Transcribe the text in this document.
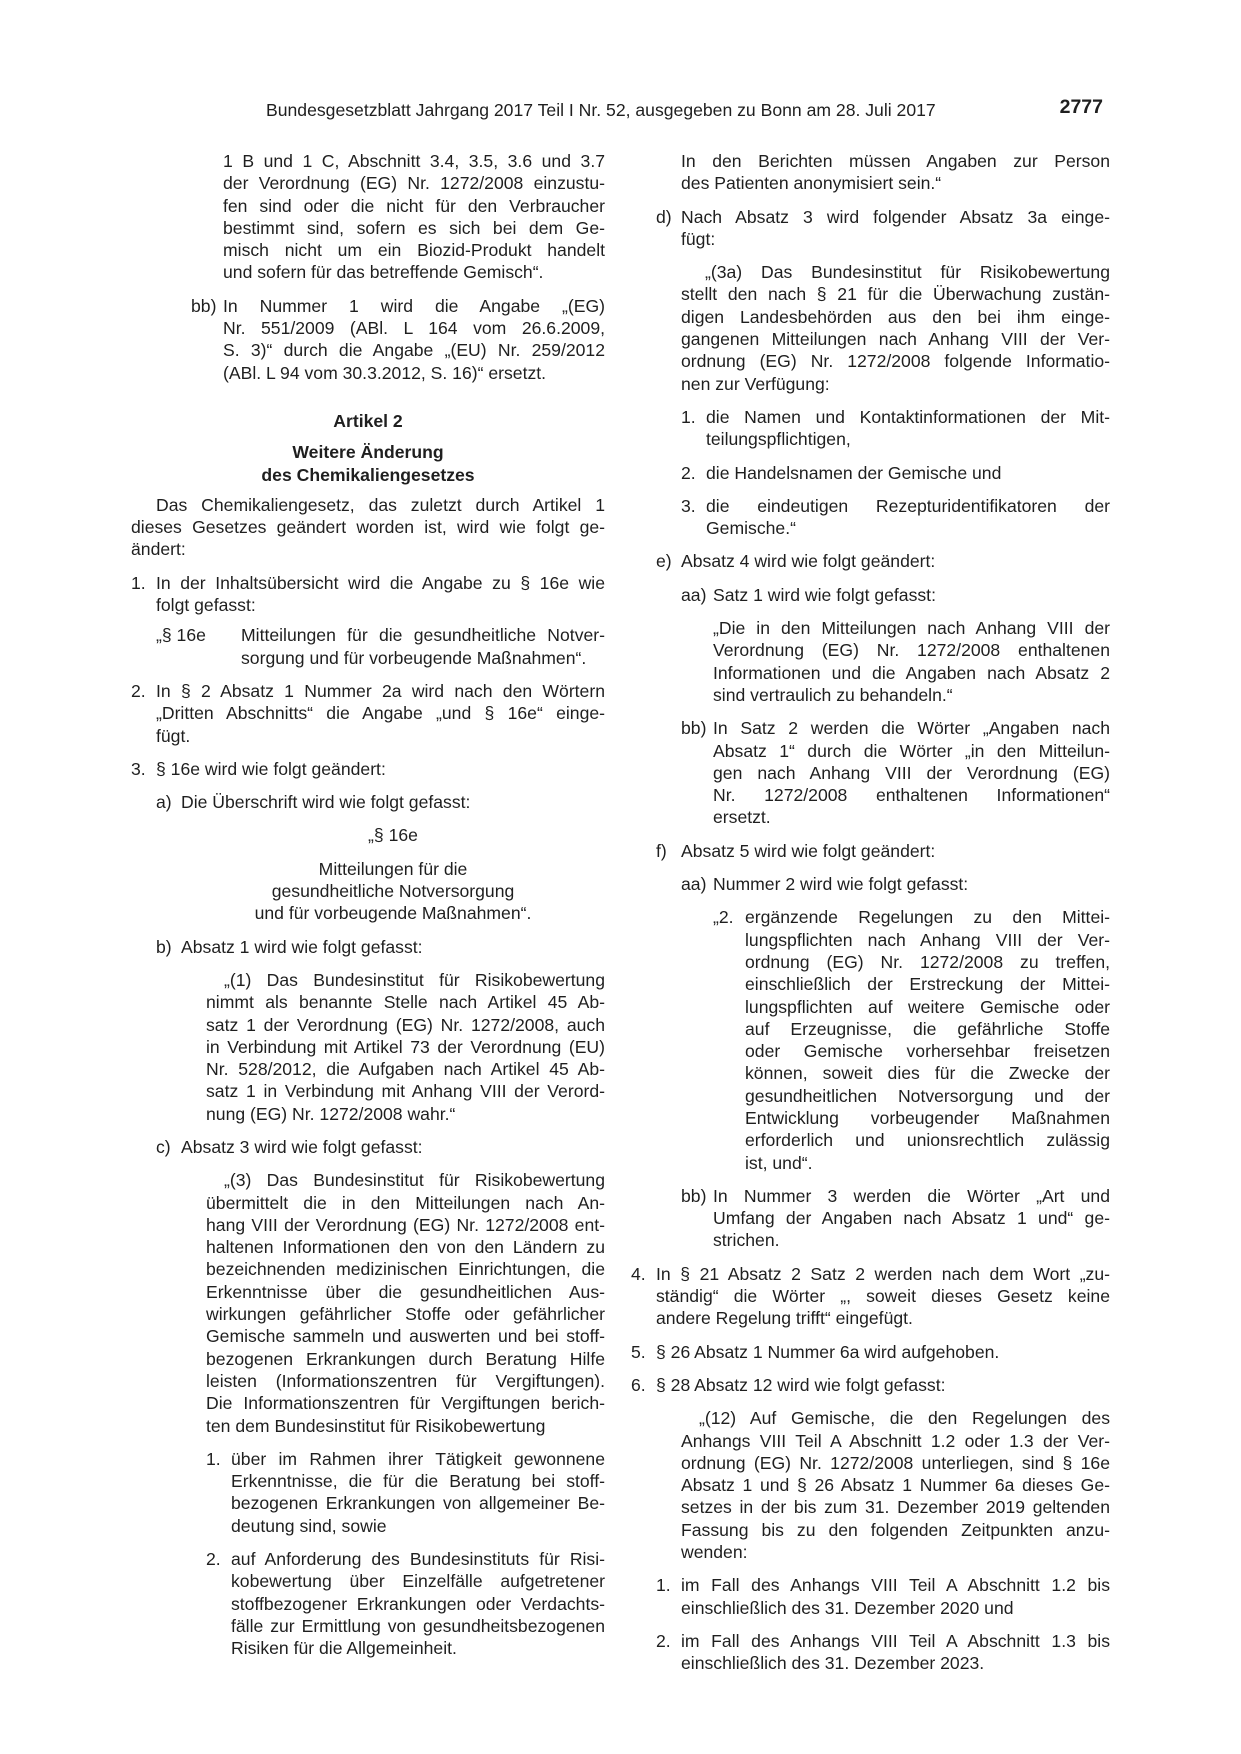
Bundesgesetzblatt Jahrgang 2017 Teil I Nr. 52, ausgegeben zu Bonn am 28. Juli 2017	2777

1 B und 1 C, Abschnitt 3.4, 3.5, 3.6 und 3.7

der Verordnung (EG) Nr. 1272/2008 einzustu-

fen sind oder die nicht für den Verbraucher

bestimmt sind, sofern es sich bei dem Ge-

misch nicht um ein Biozid-Produkt handelt

und sofern für das betreffende Gemisch“.

bb) In Nummer 1 wird die Angabe „(EG)

Nr. 551/2009 (ABl. L 164 vom 26.6.2009,

S. 3)“ durch die Angabe „(EU) Nr. 259/2012

(ABl. L 94 vom 30.3.2012, S. 16)“ ersetzt.

Artikel 2

Weitere Änderung

des Chemikaliengesetzes

Das Chemikaliengesetz, das zuletzt durch Artikel 1

dieses Gesetzes geändert worden ist, wird wie folgt ge-

ändert:

1. In der Inhaltsübersicht wird die Angabe zu § 16e wie

folgt gefasst:

„§ 16e Mitteilungen für die gesundheitliche Notver-

sorgung und für vorbeugende Maßnahmen“.

2. In § 2 Absatz 1 Nummer 2a wird nach den Wörtern

„Dritten Abschnitts“ die Angabe „und § 16e“ einge-

fügt.

3. § 16e wird wie folgt geändert:

a) Die Überschrift wird wie folgt gefasst:

„§ 16e

Mitteilungen für die

gesundheitliche Notversorgung

und für vorbeugende Maßnahmen“.

b) Absatz 1 wird wie folgt gefasst:

„(1) Das Bundesinstitut für Risikobewertung

nimmt als benannte Stelle nach Artikel 45 Ab-

satz 1 der Verordnung (EG) Nr. 1272/2008, auch

in Verbindung mit Artikel 73 der Verordnung (EU)

Nr. 528/2012, die Aufgaben nach Artikel 45 Ab-

satz 1 in Verbindung mit Anhang VIII der Verord-

nung (EG) Nr. 1272/2008 wahr.“

c) Absatz 3 wird wie folgt gefasst:

„(3) Das Bundesinstitut für Risikobewertung

übermittelt die in den Mitteilungen nach An-

hang VIII der Verordnung (EG) Nr. 1272/2008 ent-

haltenen Informationen den von den Ländern zu

bezeichnenden medizinischen Einrichtungen, die

Erkenntnisse über die gesundheitlichen Aus-

wirkungen gefährlicher Stoffe oder gefährlicher

Gemische sammeln und auswerten und bei stoff-

bezogenen Erkrankungen durch Beratung Hilfe

leisten (Informationszentren für Vergiftungen).

Die Informationszentren für Vergiftungen berich-

ten dem Bundesinstitut für Risikobewertung

1. über im Rahmen ihrer Tätigkeit gewonnene

Erkenntnisse, die für die Beratung bei stoff-

bezogenen Erkrankungen von allgemeiner Be-

deutung sind, sowie

2. auf Anforderung des Bundesinstituts für Risi-

kobewertung über Einzelfälle aufgetretener

stoffbezogener Erkrankungen oder Verdachts-

fälle zur Ermittlung von gesundheitsbezogenen

Risiken für die Allgemeinheit.

In den Berichten müssen Angaben zur Person

des Patienten anonymisiert sein.“

d) Nach Absatz 3 wird folgender Absatz 3a einge-

fügt:

„(3a) Das Bundesinstitut für Risikobewertung

stellt den nach § 21 für die Überwachung zustän-

digen Landesbehörden aus den bei ihm einge-

gangenen Mitteilungen nach Anhang VIII der Ver-

ordnung (EG) Nr. 1272/2008 folgende Informatio-

nen zur Verfügung:

1. die Namen und Kontaktinformationen der Mit-

teilungspflichtigen,

2. die Handelsnamen der Gemische und

3. die eindeutigen Rezepturidentifikatoren der

Gemische.“

e) Absatz 4 wird wie folgt geändert:

aa) Satz 1 wird wie folgt gefasst:

„Die in den Mitteilungen nach Anhang VIII der

Verordnung (EG) Nr. 1272/2008 enthaltenen

Informationen und die Angaben nach Absatz 2

sind vertraulich zu behandeln.“

bb) In Satz 2 werden die Wörter „Angaben nach

Absatz 1“ durch die Wörter „in den Mitteilun-

gen nach Anhang VIII der Verordnung (EG)

Nr. 1272/2008 enthaltenen Informationen“

ersetzt.

f) Absatz 5 wird wie folgt geändert:

aa) Nummer 2 wird wie folgt gefasst:

„2. ergänzende Regelungen zu den Mittei-

lungspflichten nach Anhang VIII der Ver-

ordnung (EG) Nr. 1272/2008 zu treffen,

einschließlich der Erstreckung der Mittei-

lungspflichten auf weitere Gemische oder

auf Erzeugnisse, die gefährliche Stoffe

oder Gemische vorhersehbar freisetzen

können, soweit dies für die Zwecke der

gesundheitlichen Notversorgung und der

Entwicklung vorbeugender Maßnahmen

erforderlich und unionsrechtlich zulässig

ist, und“.

bb) In Nummer 3 werden die Wörter „Art und

Umfang der Angaben nach Absatz 1 und“ ge-

strichen.

4. In § 21 Absatz 2 Satz 2 werden nach dem Wort „zu-

ständig“ die Wörter „, soweit dieses Gesetz keine

andere Regelung trifft“ eingefügt.

5. § 26 Absatz 1 Nummer 6a wird aufgehoben.

6. § 28 Absatz 12 wird wie folgt gefasst:

„(12) Auf Gemische, die den Regelungen des

Anhangs VIII Teil A Abschnitt 1.2 oder 1.3 der Ver-

ordnung (EG) Nr. 1272/2008 unterliegen, sind § 16e

Absatz 1 und § 26 Absatz 1 Nummer 6a dieses Ge-

setzes in der bis zum 31. Dezember 2019 geltenden

Fassung bis zu den folgenden Zeitpunkten anzu-

wenden:

1. im Fall des Anhangs VIII Teil A Abschnitt 1.2 bis

einschließlich des 31. Dezember 2020 und

2. im Fall des Anhangs VIII Teil A Abschnitt 1.3 bis

einschließlich des 31. Dezember 2023.
